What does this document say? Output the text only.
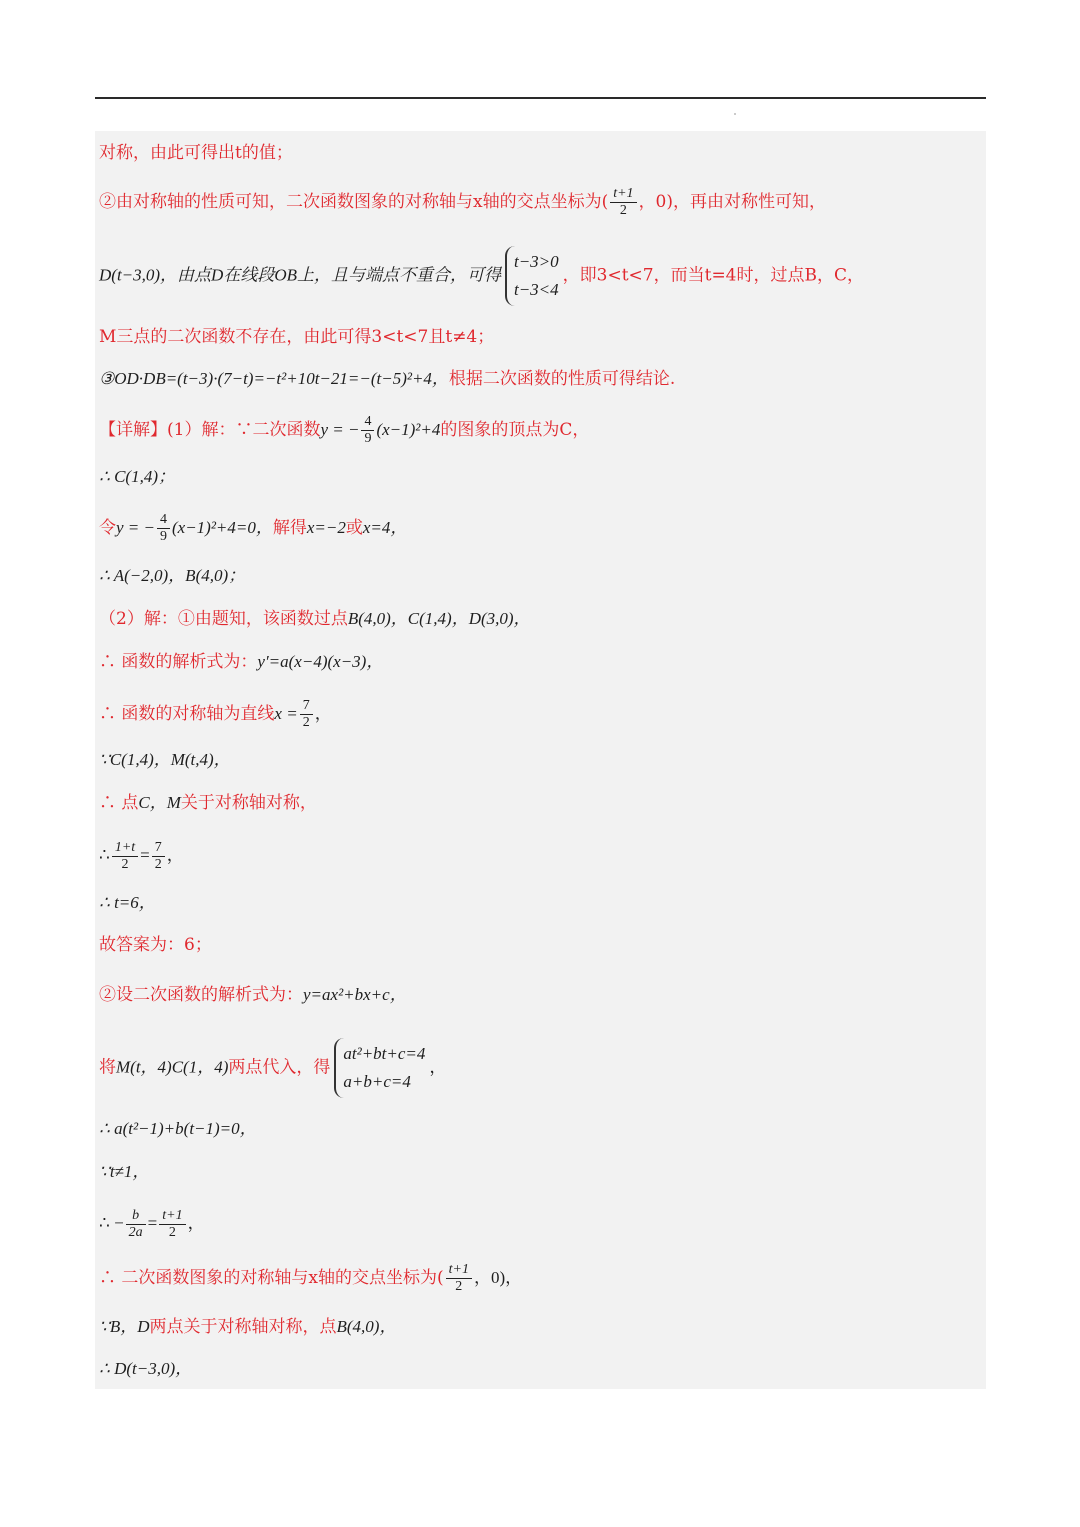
对称，由此可得出t的值；
②由对称轴的性质可知，二次函数图象的对称轴与x轴的交点坐标为( $\frac{t+1}{2}$ ，0)，再由对称性可知，
D(t−3,0)，由点D在线段OB上，且与端点不重合，可得
t−3>0
t−3<4
，即3<t<7，而当t=4时，过点B，C，
M三点的二次函数不存在，由此可得3<t<7且t≠4；
③OD·DB=(t−3)·(7−t)=−t²+10t−21=−(t−5)²+4，根据二次函数的性质可得结论.
【详解】(1）解：∵二次函数y = − $\frac{4}{9} (x-1)^2+4$的图象的顶点为C，
∴ C(1,4)；
令y = − $\frac{4}{9} (x-1)^2+4=0$，解得x=−2或x=4，
∴ A(−2,0)，B(4,0)；
（2）解：①由题知，该函数过点B(4,0)，C(1,4)，D(3,0)，
∴ 函数的解析式为：y′=a(x−4)(x−3)，
∴ 函数的对称轴为直线$x = \frac{7}{2}$ ，
∵C(1,4)，M(t,4)，
∴ 点C，M关于对称轴对称，
∴ $\frac{1+t}{2} = \frac{7}{2}$ ，
∴ t=6，
故答案为：6；
②设二次函数的解析式为：y=ax²+bx+c，
将M(t，4)C(1，4)两点代入，得
at²+bt+c=4
a+b+c=4
，
∴ a(t²−1)+b(t−1)=0，
∵t≠1，
∴ − $\frac{b}{2a} = \frac{t+1}{2}$ ，
∴ 二次函数图象的对称轴与x轴的交点坐标为( $\frac{t+1}{2}$ ，0)，
∵B，D两点关于对称轴对称，点B(4,0)，
∴ D(t−3,0)，
